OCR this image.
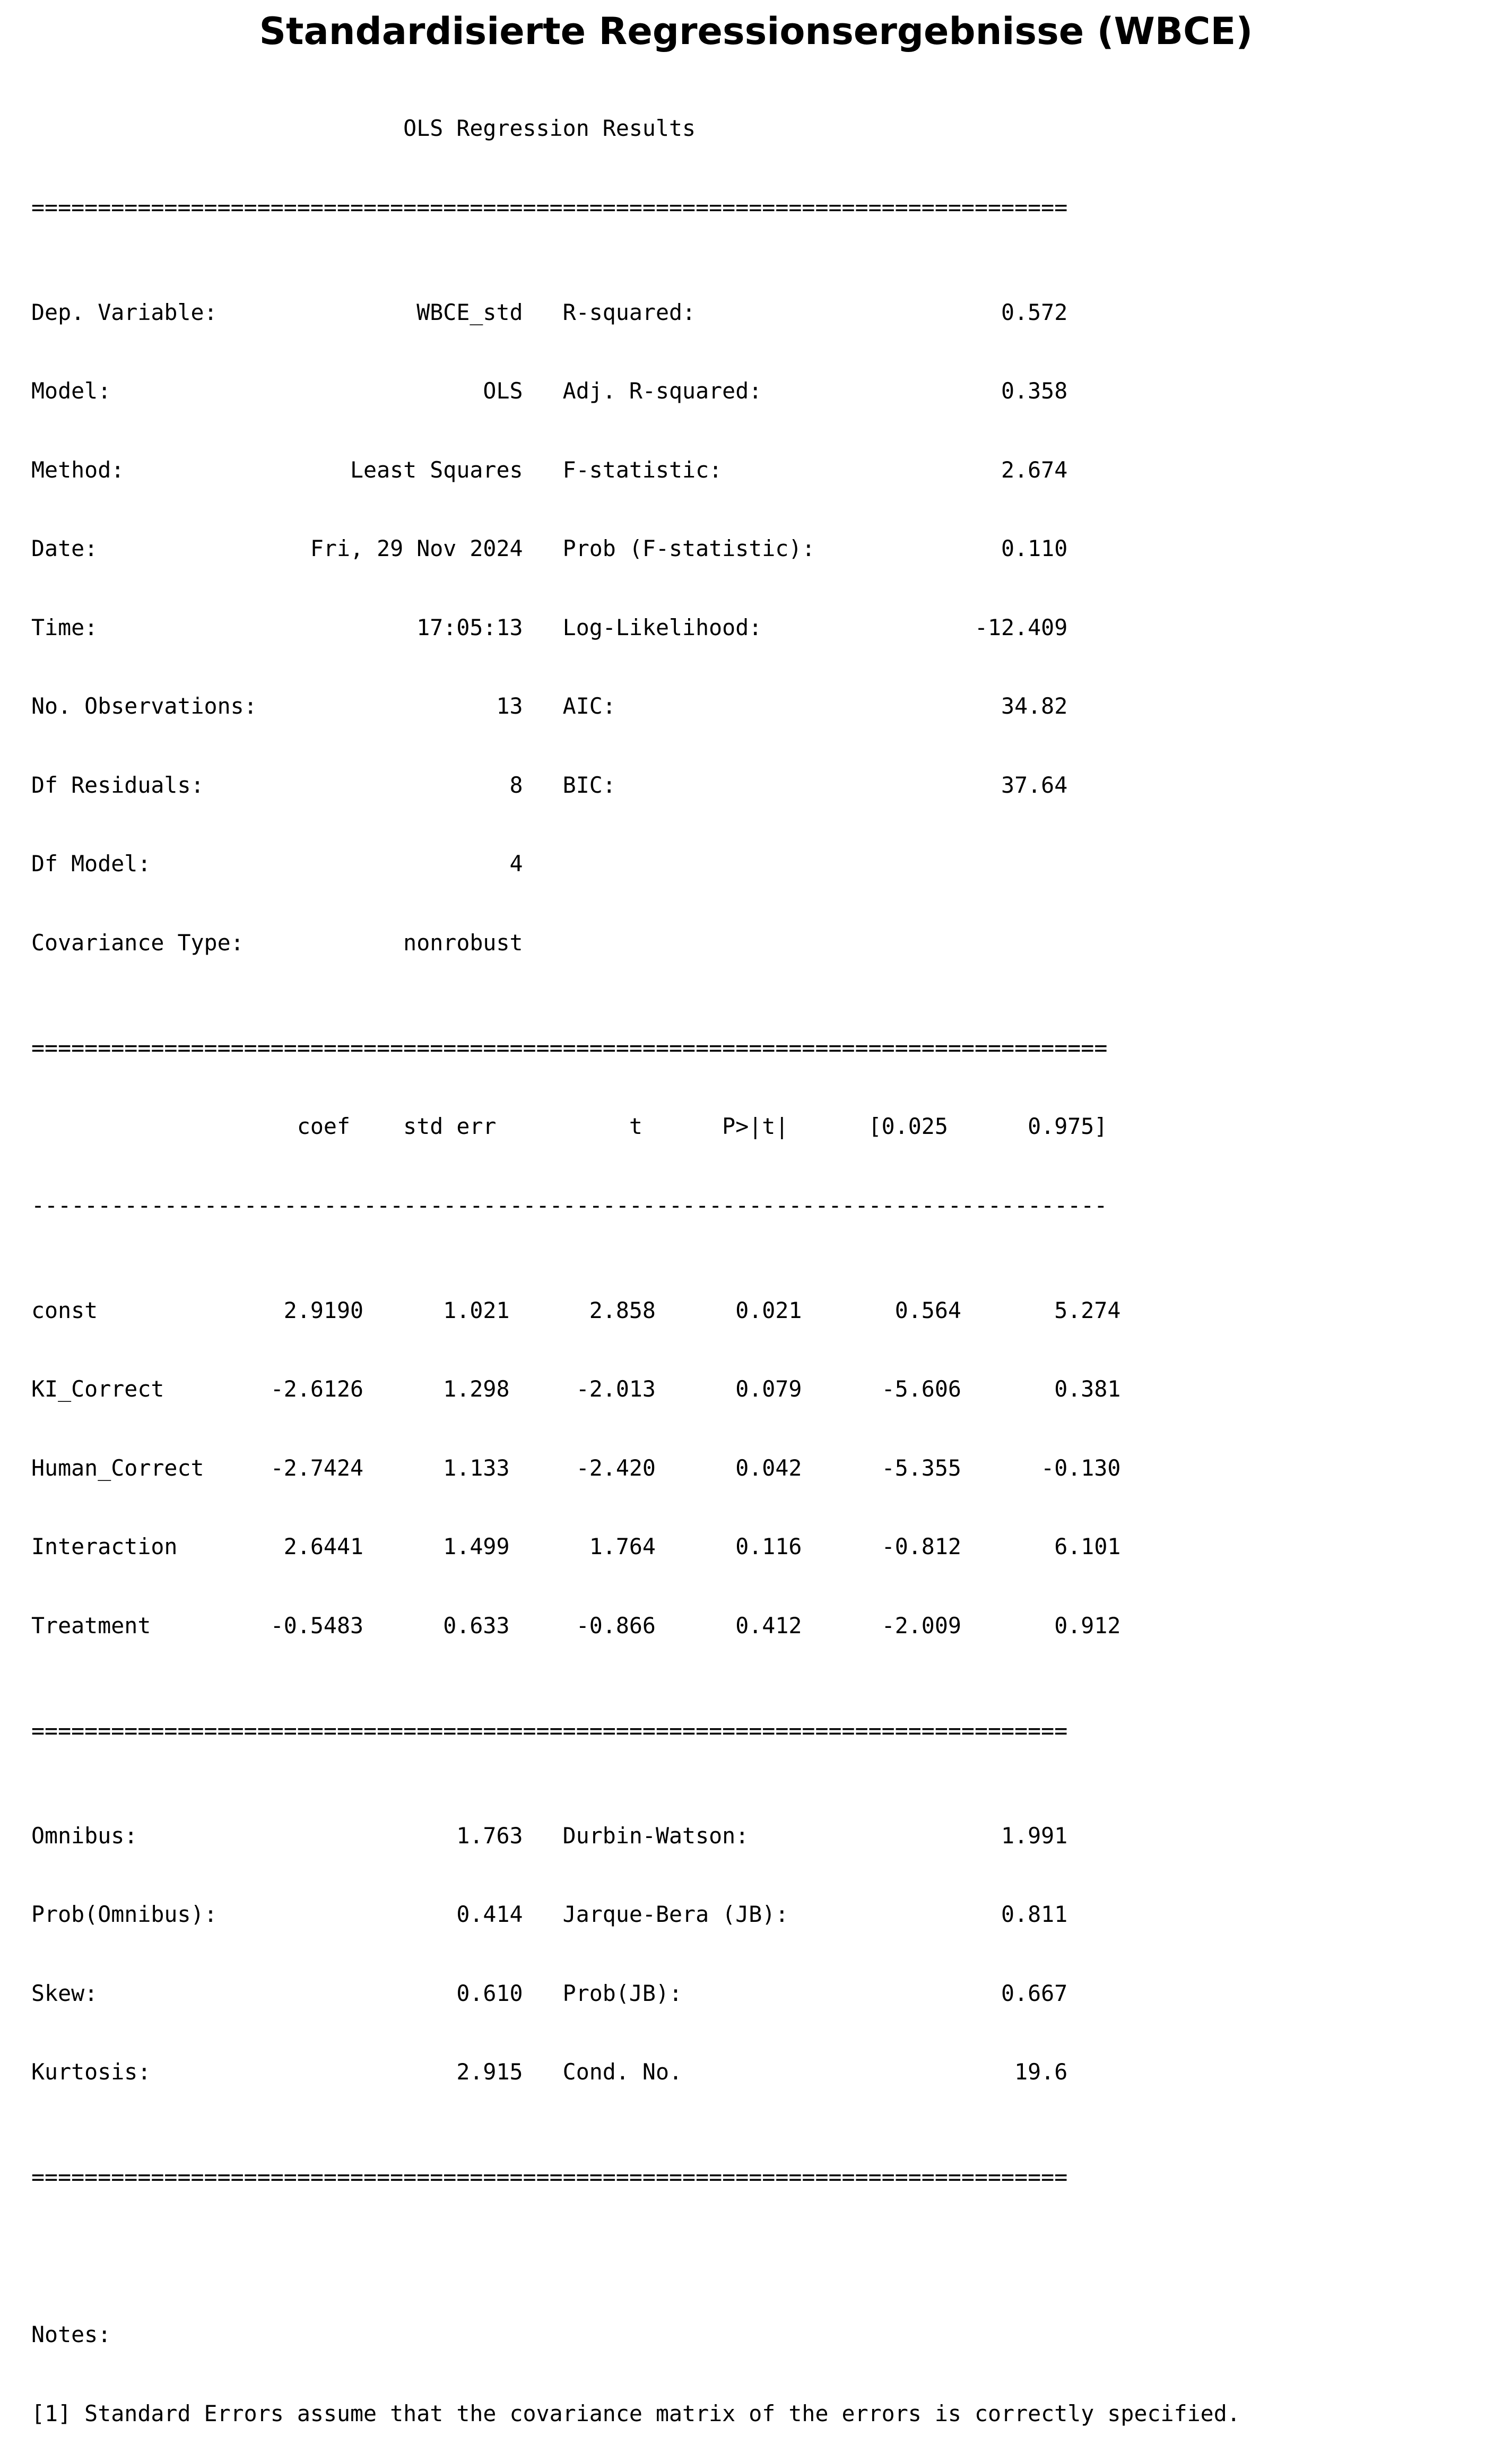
Standardisierte Regressionsergebnisse (WBCE)

OLS Regression Results

==============================================================================

Dep. Variable:               WBCE_std   R-squared:                       0.572

Model:                            OLS   Adj. R-squared:                  0.358

Method:                 Least Squares   F-statistic:                     2.674

Date:                Fri, 29 Nov 2024   Prob (F-statistic):              0.110

Time:                        17:05:13   Log-Likelihood:                -12.409

No. Observations:                  13   AIC:                             34.82

Df Residuals:                       8   BIC:                             37.64

Df Model:                           4

Covariance Type:            nonrobust

=================================================================================

coef    std err          t      P>|t|      [0.025      0.975]

---------------------------------------------------------------------------------

const              2.9190      1.021      2.858      0.021       0.564       5.274

KI_Correct        -2.6126      1.298     -2.013      0.079      -5.606       0.381

Human_Correct     -2.7424      1.133     -2.420      0.042      -5.355      -0.130

Interaction        2.6441      1.499      1.764      0.116      -0.812       6.101

Treatment         -0.5483      0.633     -0.866      0.412      -2.009       0.912

==============================================================================

Omnibus:                        1.763   Durbin-Watson:                   1.991

Prob(Omnibus):                  0.414   Jarque-Bera (JB):                0.811

Skew:                           0.610   Prob(JB):                        0.667

Kurtosis:                       2.915   Cond. No.                         19.6

==============================================================================

Notes:

[1] Standard Errors assume that the covariance matrix of the errors is correctly specified.
